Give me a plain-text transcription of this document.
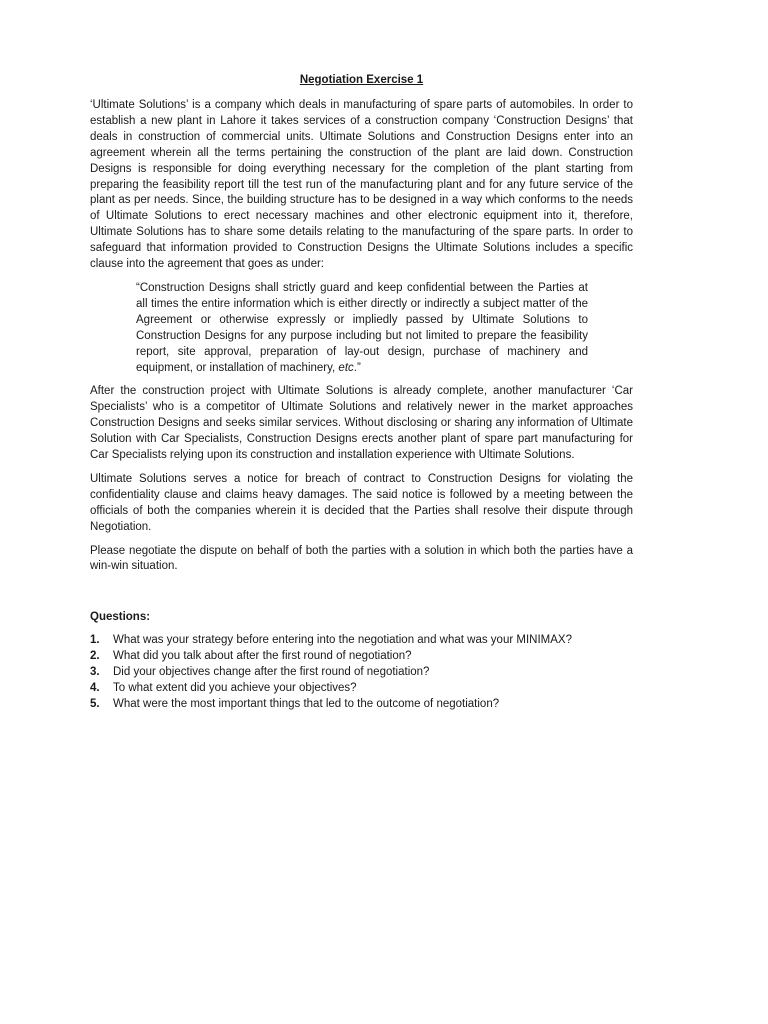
Negotiation Exercise 1

‘Ultimate Solutions’ is a company which deals in manufacturing of spare parts of automobiles. In order to establish a new plant in Lahore it takes services of a construction company ‘Construction Designs’ that deals in construction of commercial units. Ultimate Solutions and Construction Designs enter into an agreement wherein all the terms pertaining the construction of the plant are laid down. Construction Designs is responsible for doing everything necessary for the completion of the plant starting from preparing the feasibility report till the test run of the manufacturing plant and for any future service of the plant as per needs. Since, the building structure has to be designed in a way which conforms to the needs of Ultimate Solutions to erect necessary machines and other electronic equipment into it, therefore, Ultimate Solutions has to share some details relating to the manufacturing of the spare parts. In order to safeguard that information provided to Construction Designs the Ultimate Solutions includes a specific clause into the agreement that goes as under:

“Construction Designs shall strictly guard and keep confidential between the Parties at all times the entire information which is either directly or indirectly a subject matter of the Agreement or otherwise expressly or impliedly passed by Ultimate Solutions to Construction Designs for any purpose including but not limited to prepare the feasibility report, site approval, preparation of lay-out design, purchase of machinery and equipment, or installation of machinery, etc.”

After the construction project with Ultimate Solutions is already complete, another manufacturer ‘Car Specialists’ who is a competitor of Ultimate Solutions and relatively newer in the market approaches Construction Designs and seeks similar services. Without disclosing or sharing any information of Ultimate Solution with Car Specialists, Construction Designs erects another plant of spare part manufacturing for Car Specialists relying upon its construction and installation experience with Ultimate Solutions.

Ultimate Solutions serves a notice for breach of contract to Construction Designs for violating the confidentiality clause and claims heavy damages. The said notice is followed by a meeting between the officials of both the companies wherein it is decided that the Parties shall resolve their dispute through Negotiation.

Please negotiate the dispute on behalf of both the parties with a solution in which both the parties have a win-win situation.

Questions:
1.	What was your strategy before entering into the negotiation and what was your MINIMAX?
2.	What did you talk about after the first round of negotiation?
3.	Did your objectives change after the first round of negotiation?
4.	To what extent did you achieve your objectives?
5.	What were the most important things that led to the outcome of negotiation?
